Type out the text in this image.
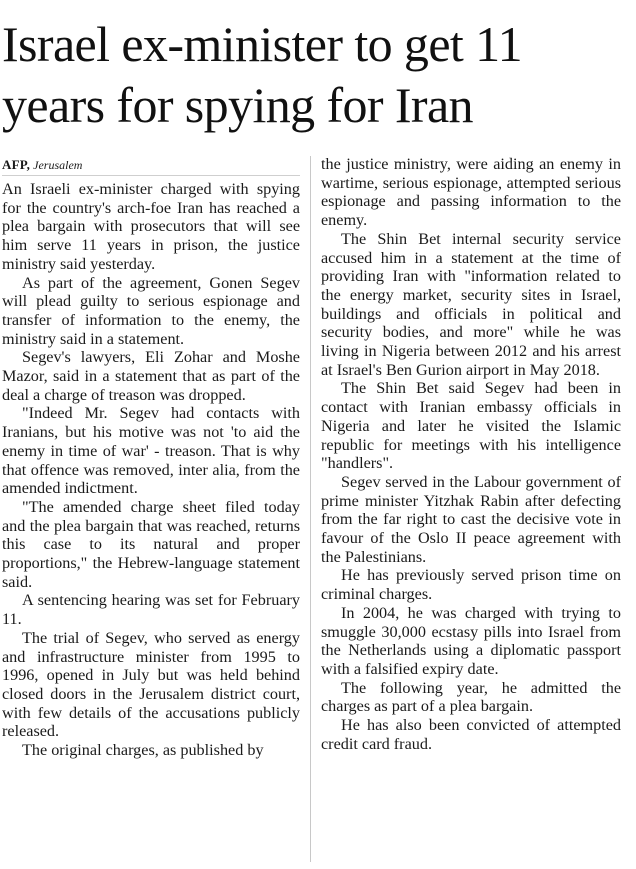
Israel ex-minister to get 11 years for spying for Iran
AFP, Jerusalem

An Israeli ex-minister charged with spying for the country's arch-foe Iran has reached a plea bargain with prosecutors that will see him serve 11 years in prison, the justice ministry said yesterday.

As part of the agreement, Gonen Segev will plead guilty to serious espionage and transfer of information to the enemy, the ministry said in a statement.

Segev's lawyers, Eli Zohar and Moshe Mazor, said in a statement that as part of the deal a charge of treason was dropped.

"Indeed Mr. Segev had contacts with Iranians, but his motive was not 'to aid the enemy in time of war' - treason. That is why that offence was removed, inter alia, from the amended indictment.

"The amended charge sheet filed today and the plea bargain that was reached, returns this case to its natural and proper proportions," the Hebrew-language statement said.

A sentencing hearing was set for February 11.

The trial of Segev, who served as energy and infrastructure minister from 1995 to 1996, opened in July but was held behind closed doors in the Jerusalem district court, with few details of the accusations publicly released.

The original charges, as published by

the justice ministry, were aiding an enemy in wartime, serious espionage, attempted serious espionage and passing information to the enemy.

The Shin Bet internal security service accused him in a statement at the time of providing Iran with "information related to the energy market, security sites in Israel, buildings and officials in political and security bodies, and more" while he was living in Nigeria between 2012 and his arrest at Israel's Ben Gurion airport in May 2018.

The Shin Bet said Segev had been in contact with Iranian embassy officials in Nigeria and later he visited the Islamic republic for meetings with his intelligence "handlers".

Segev served in the Labour government of prime minister Yitzhak Rabin after defecting from the far right to cast the decisive vote in favour of the Oslo II peace agreement with the Palestinians.

He has previously served prison time on criminal charges.

In 2004, he was charged with trying to smuggle 30,000 ecstasy pills into Israel from the Netherlands using a diplomatic passport with a falsified expiry date.

The following year, he admitted the charges as part of a plea bargain.

He has also been convicted of attempted credit card fraud.
